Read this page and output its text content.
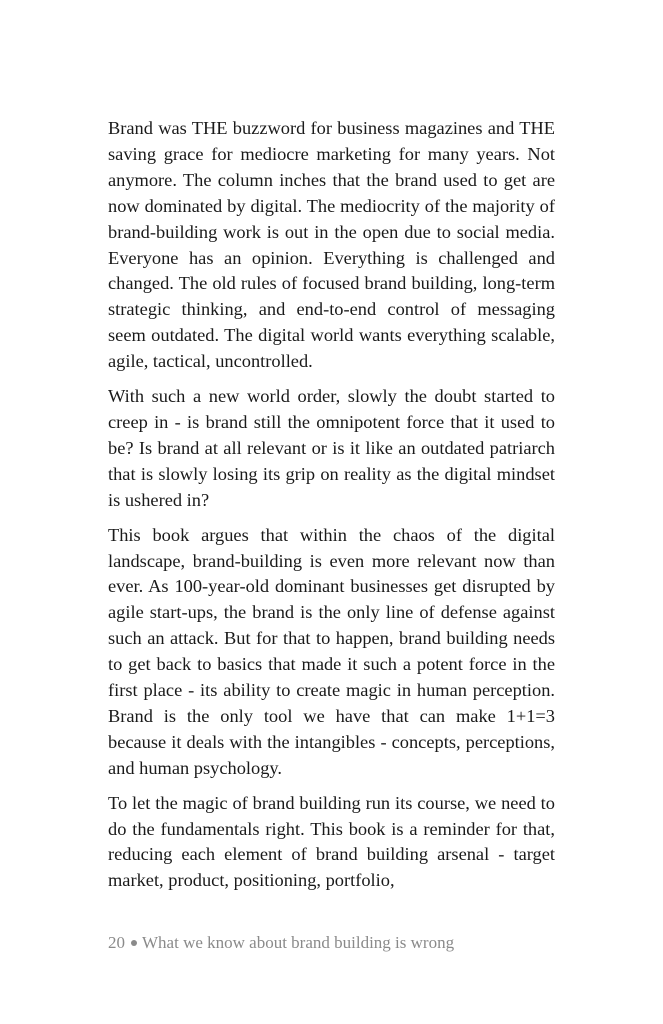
Brand was THE buzzword for business magazines and THE saving grace for mediocre marketing for many years. Not anymore. The column inches that the brand used to get are now dominated by digital. The mediocrity of the majority of brand-building work is out in the open due to social media. Everyone has an opinion. Everything is challenged and changed. The old rules of focused brand building, long-term strategic thinking, and end-to-end control of messaging seem outdated. The digital world wants everything scalable, agile, tactical, uncontrolled.

With such a new world order, slowly the doubt started to creep in - is brand still the omnipotent force that it used to be? Is brand at all relevant or is it like an outdated patriarch that is slowly losing its grip on reality as the digital mindset is ushered in?

This book argues that within the chaos of the digital landscape, brand-building is even more relevant now than ever. As 100-year-old dominant businesses get disrupted by agile start-ups, the brand is the only line of defense against such an attack. But for that to happen, brand building needs to get back to basics that made it such a potent force in the first place - its ability to create magic in human perception. Brand is the only tool we have that can make 1+1=3 because it deals with the intangibles - concepts, perceptions, and human psychology.

To let the magic of brand building run its course, we need to do the fundamentals right. This book is a reminder for that, reducing each element of brand building arsenal - target market, product, positioning, portfolio,

20 What we know about brand building is wrong
